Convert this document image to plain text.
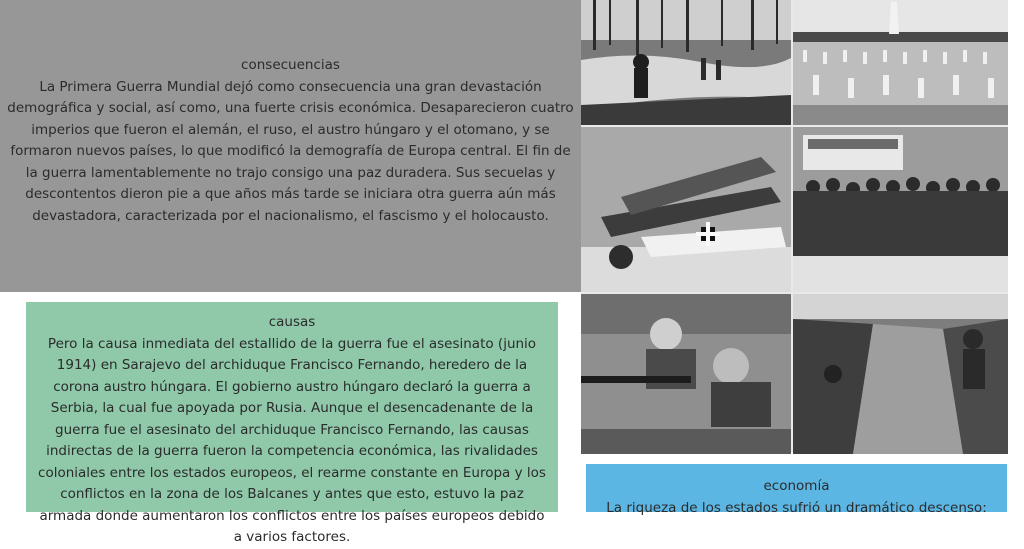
consecuencias
La Primera Guerra Mundial dejó como consecuencia una gran devastación demográfica y social, así como, una fuerte crisis económica. Desaparecieron cuatro imperios que fueron el alemán, el ruso, el austro húngaro y el otomano, y se formaron nuevos países, lo que modificó la demografía de Europa central. El fin de la guerra lamentablemente no trajo consigo una paz duradera. Sus secuelas y descontentos dieron pie a que años más tarde se iniciara otra guerra aún más devastadora, caracterizada por el nacionalismo, el fascismo y el holocausto.
causas
Pero la causa inmediata del estallido de la guerra fue el asesinato (junio 1914) en Sarajevo del archiduque Francisco Fernando, heredero de la corona austro húngara. El gobierno austro húngaro declaró la guerra a Serbia, la cual fue apoyada por Rusia. Aunque el desencadenante de la guerra fue el asesinato del archiduque Francisco Fernando, las causas indirectas de la guerra fueron la competencia económica, las rivalidades coloniales entre los estados europeos, el rearme constante en Europa y los conflictos en la zona de los Balcanes y antes que esto, estuvo la paz armada donde aumentaron los conflictos entre los países europeos debido a varios factores.
economía
La riqueza de los estados sufrió un dramático descenso:
